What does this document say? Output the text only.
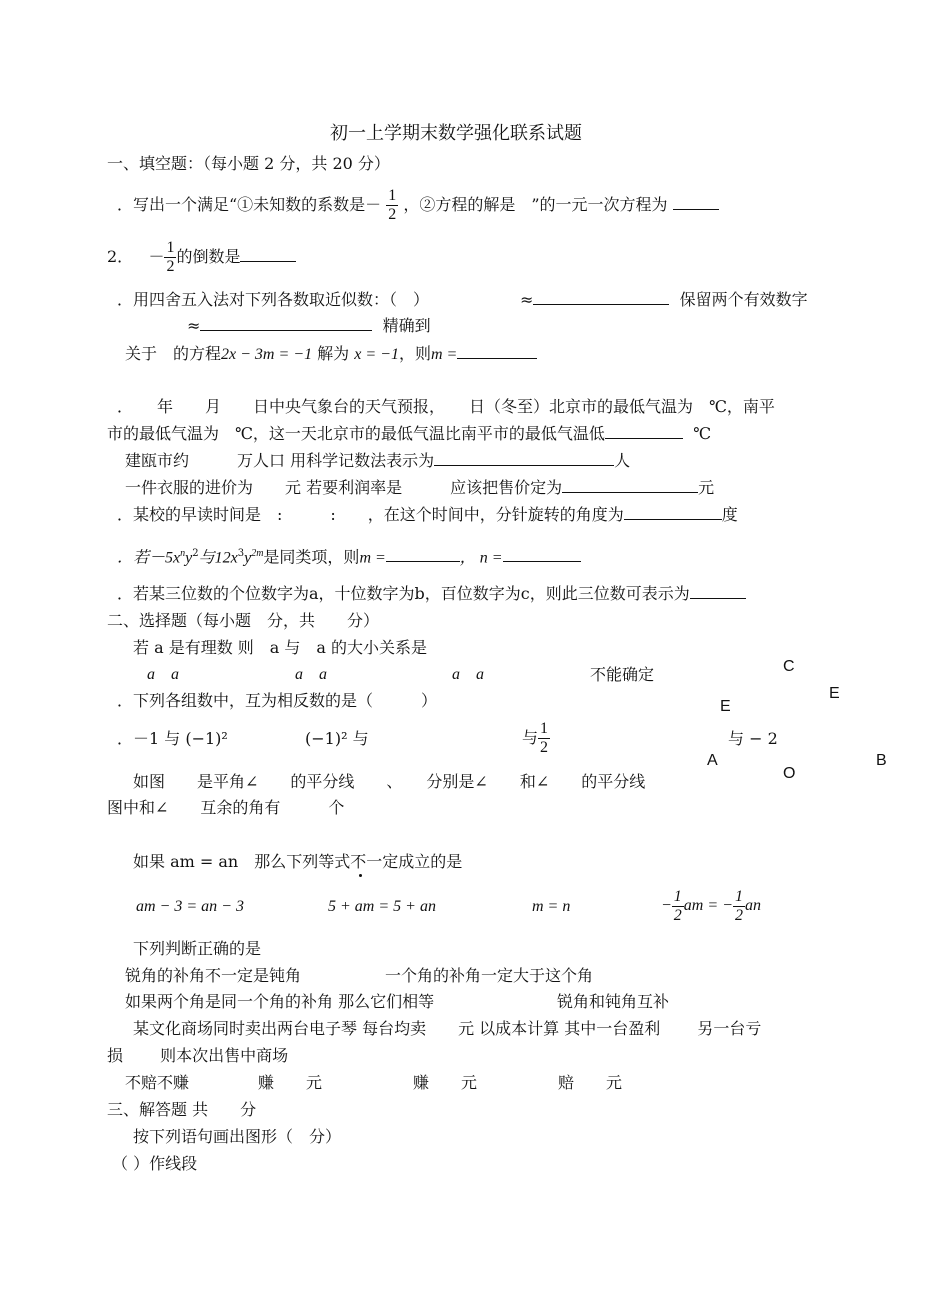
初一上学期末数学强化联系试题
一、填空题：（每小题 2 分，共 20 分）
．写出一个满足“①未知数的系数是－ $\frac{1}{2}$ ，②方程的解是　”的一元一次方程为
2． － $\frac{1}{2}$ 的倒数是
．用四舍五入法对下列各数取近似数：（　）	≈	保留两个有效数字
≈	精确到
关于　的方程2x − 3m = −1 解为 x = −1，则m =
．　　年　　月　　日中央气象台的天气预报，　　日（冬至）北京市的最低气温为　℃，南平
市的最低气温为　℃，这一天北京市的最低气温比南平市的最低气温低	℃
建瓯市约　　　万人口 用科学记数法表示为	人
一件衣服的进价为　　元 若要利润率是　　　应该把售价定为	元
．某校的早读时间是　:　　　:　　，在这个时间中，分针旋转的角度为	度
．若$-5x^ny^2$与$12x^3y^{2m}$是同类项，则m =	， n =
．若某三位数的个位数字为a，十位数字为b，百位数字为c，则此三位数可表示为
二、选择题（每小题　分，共　　分）
若 a 是有理数 则　a 与　a 的大小关系是
a　a	a　a	a　a	不能确定
．下列各组数中，互为相反数的是（　　　）
．－1 与 (−1)²	(−1)² 与	与 $\frac{1}{2}$	与 − 2
C
E
E
A
O
B
如图　　是平角∠　　的平分线　　、　　分别是∠　　和∠　　的平分线
图中和∠　　互余的角有　　　个
如果 am = an　那么下列等式不一定成立的是
am − 3 = an − 3	5 + am = 5 + an	m = n	− $\frac{1}{2}$ am = − $\frac{1}{2}$ an
下列判断正确的是
锐角的补角不一定是钝角	一个角的补角一定大于这个角
如果两个角是同一个角的补角 那么它们相等	锐角和钝角互补
某文化商场同时卖出两台电子琴 每台均卖　　元 以成本计算 其中一台盈利　　 另一台亏
损　　 则本次出售中商场
不赔不赚	赚　　元	赚　　元	赔　　元
三、解答题 共　　分
按下列语句画出图形（　分）
（ ）作线段
